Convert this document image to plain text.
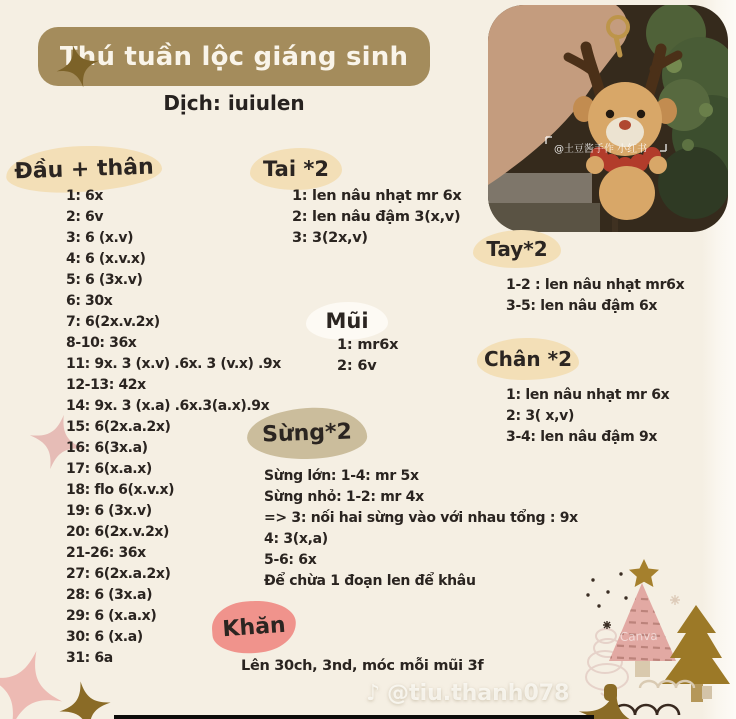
Thú tuần lộc giáng sinh
Dịch: iuiulen
@土豆酱手作 小红书
Đầu + thân
1: 6x
2: 6v
3: 6 (x.v)
4: 6 (x.v.x)
5: 6 (3x.v)
6: 30x
7: 6(2x.v.2x)
8-10: 36x
11: 9x. 3 (x.v) .6x. 3 (v.x) .9x
12-13: 42x
14: 9x. 3 (x.a) .6x.3(a.x).9x
15: 6(2x.a.2x)
16: 6(3x.a)
17: 6(x.a.x)
18: flo 6(x.v.x)
19: 6 (3x.v)
20: 6(2x.v.2x)
21-26: 36x
27: 6(2x.a.2x)
28: 6 (3x.a)
29: 6 (x.a.x)
30: 6 (x.a)
31: 6a
Tai *2
1: len nâu nhạt mr 6x
2: len nâu đậm 3(x,v)
3: 3(2x,v)
Mũi
1: mr6x
2: 6v
Sừng*2
Sừng lớn: 1-4: mr 5x
Sừng nhỏ: 1-2: mr 4x
=> 3: nối hai sừng vào với nhau tổng : 9x
4: 3(x,a)
5-6: 6x
Để chừa 1 đoạn len để khâu
Khăn
Lên 30ch, 3nd, móc mỗi mũi 3f
Tay*2
1-2 : len nâu nhạt mr6x
3-5: len nâu đậm 6x
Chân *2
1: len nâu nhạt mr 6x
2: 3( x,v)
3-4: len nâu đậm 9x
Canva
♪ @tiu.thanh078
